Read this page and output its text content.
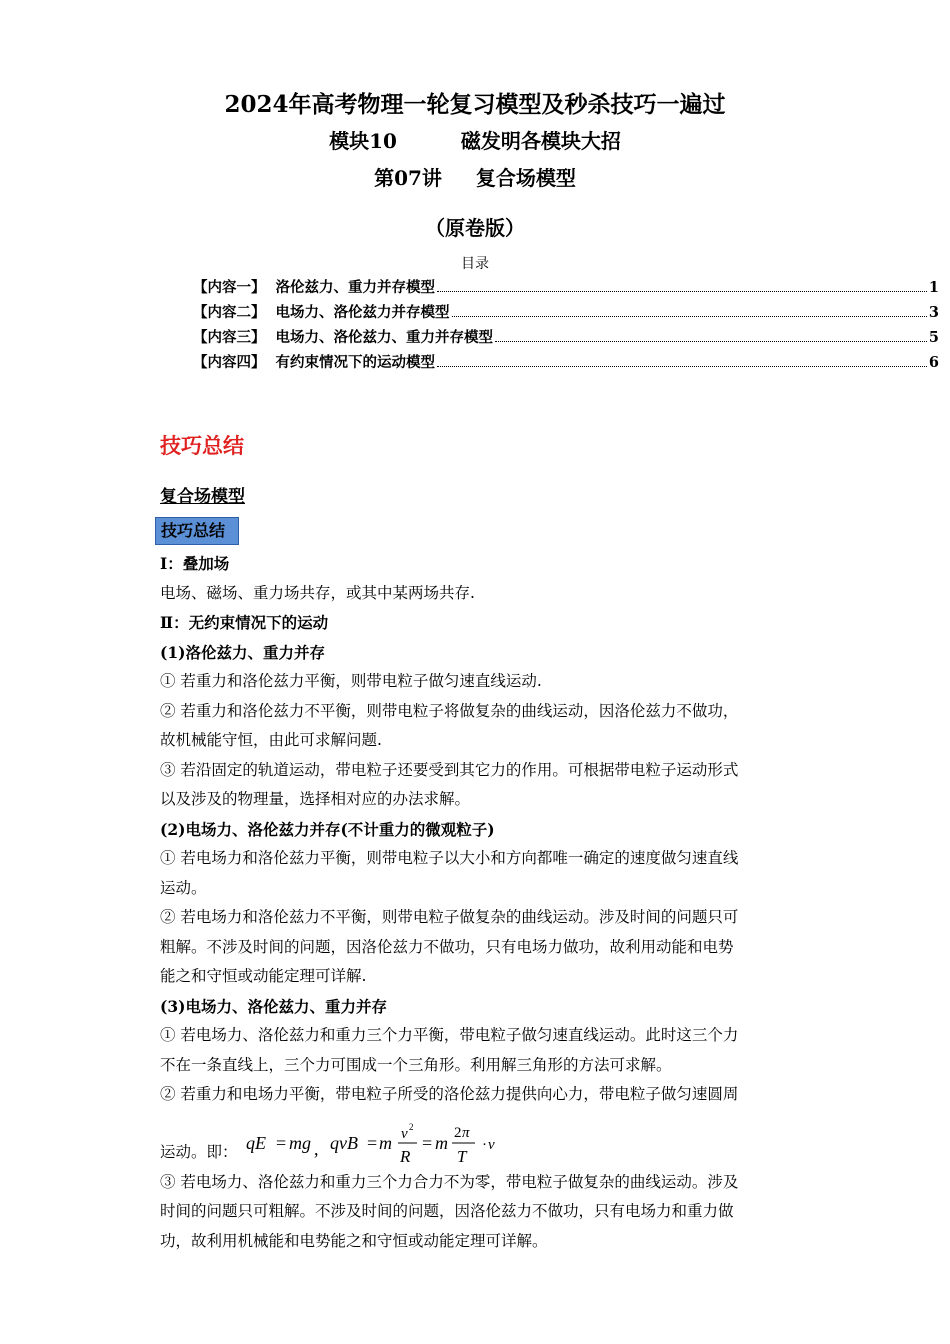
2024年高考物理一轮复习模型及秒杀技巧一遍过
模块10	磁发明各模块大招
第07讲 复合场模型
（原卷版）
目录
【内容一】 洛伦兹力、重力并存模型	1
【内容二】 电场力、洛伦兹力并存模型	3
【内容三】 电场力、洛伦兹力、重力并存模型	5
【内容四】 有约束情况下的运动模型	6
技巧总结
复合场模型
技巧总结

Ⅰ：叠加场

电场、磁场、重力场共存，或其中某两场共存.

Ⅱ：无约束情况下的运动

(1)洛伦兹力、重力并存

① 若重力和洛伦兹力平衡，则带电粒子做匀速直线运动.

② 若重力和洛伦兹力不平衡，则带电粒子将做复杂的曲线运动，因洛伦兹力不做功，

故机械能守恒，由此可求解问题.

③ 若沿固定的轨道运动，带电粒子还要受到其它力的作用。可根据带电粒子运动形式

以及涉及的物理量，选择相对应的办法求解。

(2)电场力、洛伦兹力并存(不计重力的微观粒子)

① 若电场力和洛伦兹力平衡，则带电粒子以大小和方向都唯一确定的速度做匀速直线

运动。

② 若电场力和洛伦兹力不平衡，则带电粒子做复杂的曲线运动。涉及时间的问题只可

粗解。不涉及时间的问题，因洛伦兹力不做功，只有电场力做功，故利用动能和电势

能之和守恒或动能定理可详解.

(3)电场力、洛伦兹力、重力并存

① 若电场力、洛伦兹力和重力三个力平衡，带电粒子做匀速直线运动。此时这三个力

不在一条直线上，三个力可围成一个三角形。利用解三角形的方法可求解。

② 若重力和电场力平衡，带电粒子所受的洛伦兹力提供向心力，带电粒子做匀速圆周

运动。即： qE = mg , qvB = m v 2
R
= m 2 π
T
· v

③ 若电场力、洛伦兹力和重力三个力合力不为零，带电粒子做复杂的曲线运动。涉及

时间的问题只可粗解。不涉及时间的问题，因洛伦兹力不做功，只有电场力和重力做

功，故利用机械能和电势能之和守恒或动能定理可详解。
